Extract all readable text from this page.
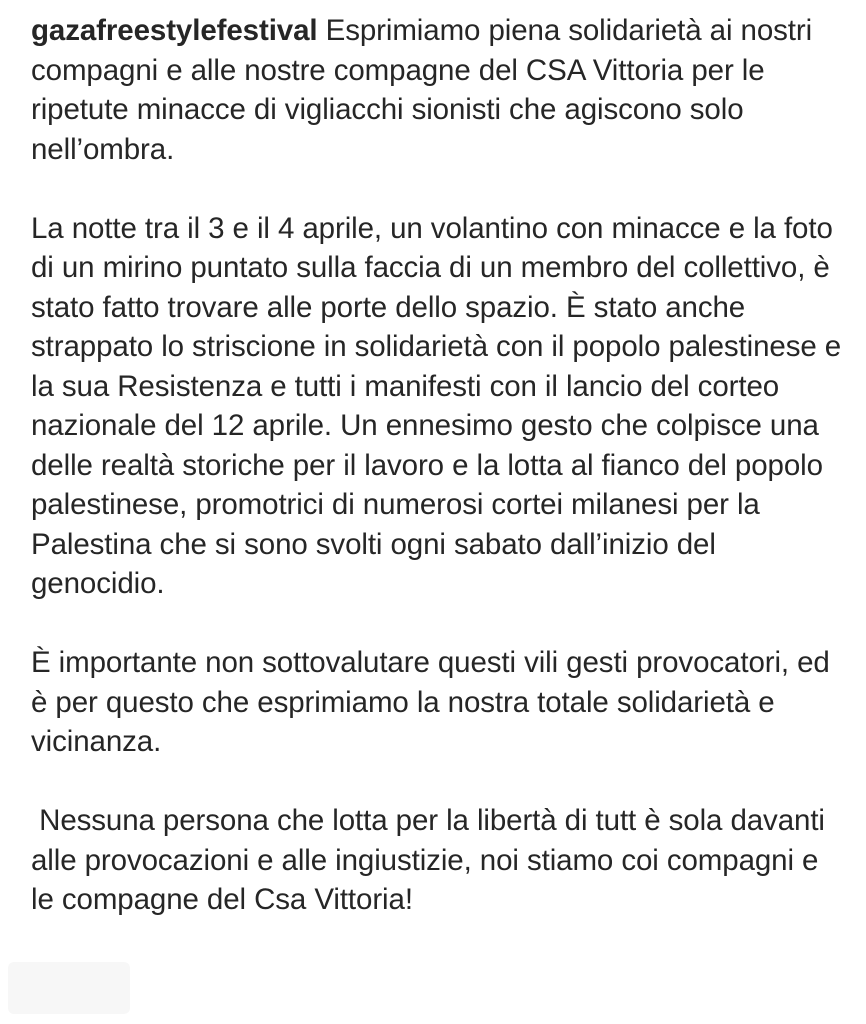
gazafreestylefestival Esprimiamo piena solidarietà ai nostri compagni e alle nostre compagne del CSA Vittoria per le ripetute minacce di vigliacchi sionisti che agiscono solo nell’ombra.

La notte tra il 3 e il 4 aprile, un volantino con minacce e la foto di un mirino puntato sulla faccia di un membro del collettivo, è stato fatto trovare alle porte dello spazio. È stato anche strappato lo striscione in solidarietà con il popolo palestinese e la sua Resistenza e tutti i manifesti con il lancio del corteo nazionale del 12 aprile. Un ennesimo gesto che colpisce una delle realtà storiche per il lavoro e la lotta al fianco del popolo palestinese, promotrici di numerosi cortei milanesi per la Palestina che si sono svolti ogni sabato dall’inizio del genocidio.

È importante non sottovalutare questi vili gesti provocatori, ed è per questo che esprimiamo la nostra totale solidarietà e vicinanza.

Nessuna persona che lotta per la libertà di tutt è sola davanti alle provocazioni e alle ingiustizie, noi stiamo coi compagni e le compagne del Csa Vittoria!
